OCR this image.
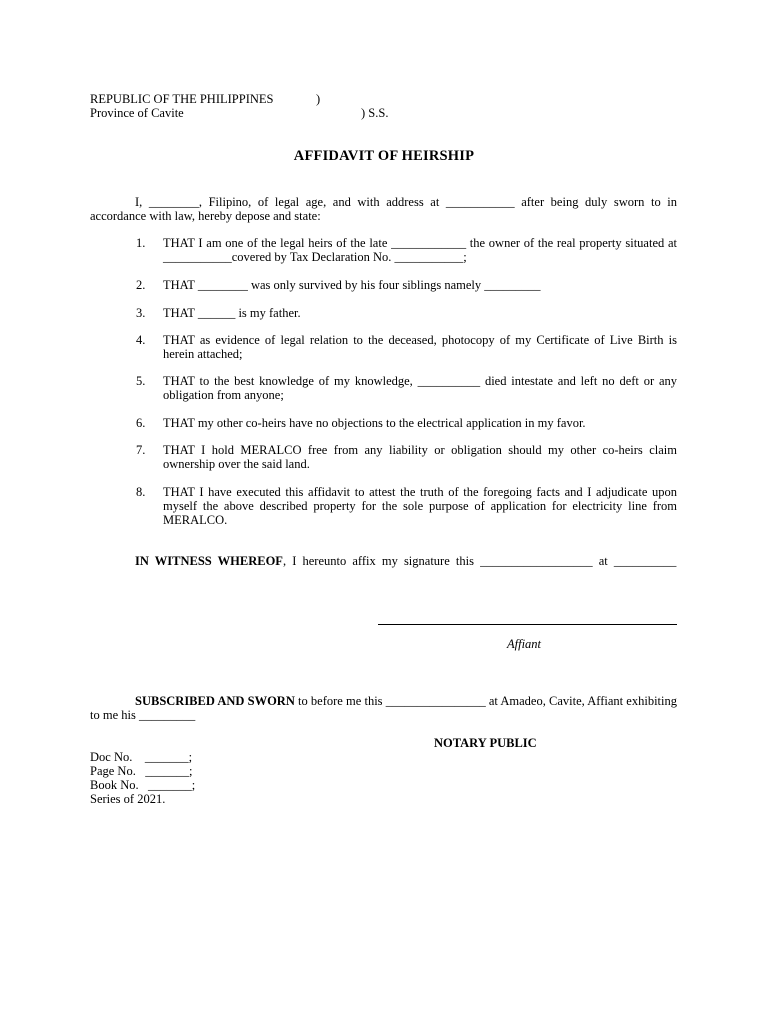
REPUBLIC OF THE PHILIPPINES	)
Province of Cavite	) S.S.
AFFIDAVIT OF HEIRSHIP
I, ________, Filipino, of legal age, and with address at ___________ after being duly sworn to in accordance with law, hereby depose and state:
1. THAT I am one of the legal heirs of the late ____________ the owner of the real property situated at ___________covered by Tax Declaration No. ___________;
2. THAT ________ was only survived by his four siblings namely _________
3. THAT ______ is my father.
4. THAT as evidence of legal relation to the deceased, photocopy of my Certificate of Live Birth is herein attached;
5. THAT to the best knowledge of my knowledge, __________ died intestate and left no deft or any obligation from anyone;
6. THAT my other co-heirs have no objections to the electrical application in my favor.
7. THAT I hold MERALCO free from any liability or obligation should my other co-heirs claim ownership over the said land.
8. THAT I have executed this affidavit to attest the truth of the foregoing facts and I adjudicate upon myself the above described property for the sole purpose of application for electricity line from MERALCO.
IN WITNESS WHEREOF, I hereunto affix my signature this __________________ at __________
Affiant
SUBSCRIBED AND SWORN to before me this ________________ at Amadeo, Cavite, Affiant exhibiting to me his _________
NOTARY PUBLIC
Doc No.    _______;
Page No.   _______;
Book No.   _______;
Series of 2021.
